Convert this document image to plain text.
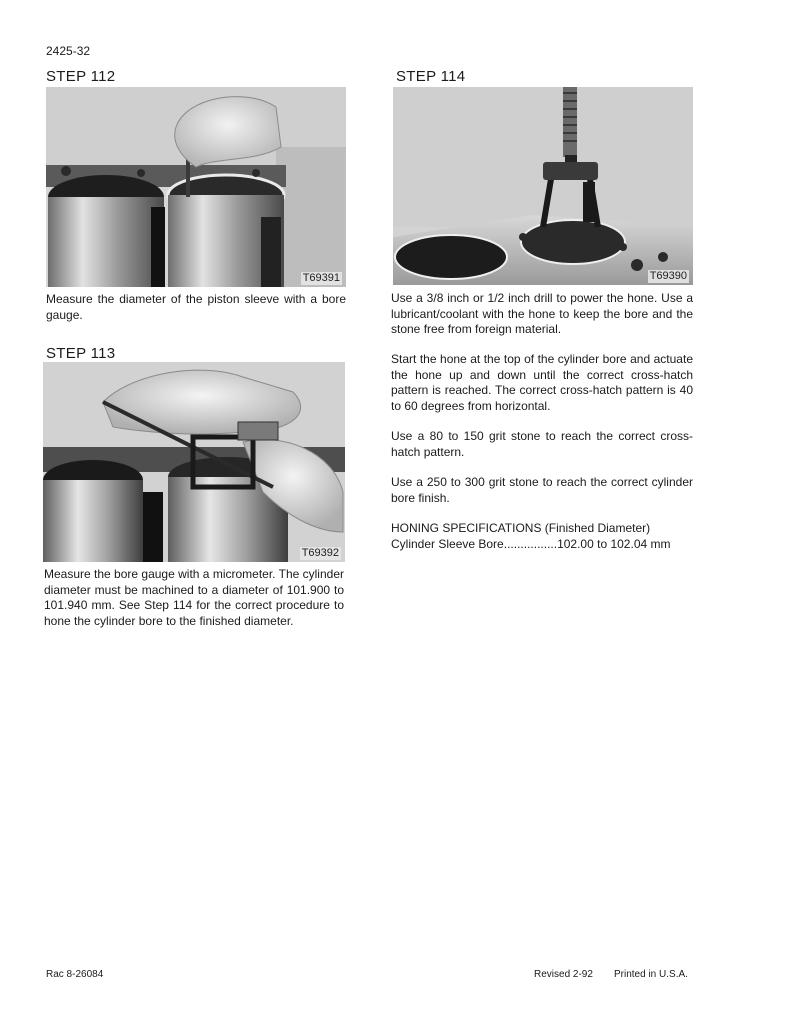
2425-32
STEP 112
T69391

Measure the diameter of the piston sleeve with a bore gauge.

STEP 113
T69392

Measure the bore gauge with a micrometer. The cylinder diameter must be machined to a diameter of 101.900 to 101.940 mm. See Step 114 for the correct procedure to hone the cylinder bore to the finished diameter.

STEP 114
T69390

Use a 3/8 inch or 1/2 inch drill to power the hone. Use a lubricant/coolant with the hone to keep the bore and the stone free from foreign material.

Start the hone at the top of the cylinder bore and actuate the hone up and down until the correct cross-hatch pattern is reached. The correct cross-hatch pattern is 40 to 60 degrees from horizontal.

Use a 80 to 150 grit stone to reach the correct cross-hatch pattern.

Use a 250 to 300 grit stone to reach the correct cylinder bore finish.

HONING SPECIFICATIONS (Finished Diameter)
Cylinder Sleeve Bore................102.00 to 102.04 mm
Rac 8-26084	Revised 2-92 Printed in U.S.A.
